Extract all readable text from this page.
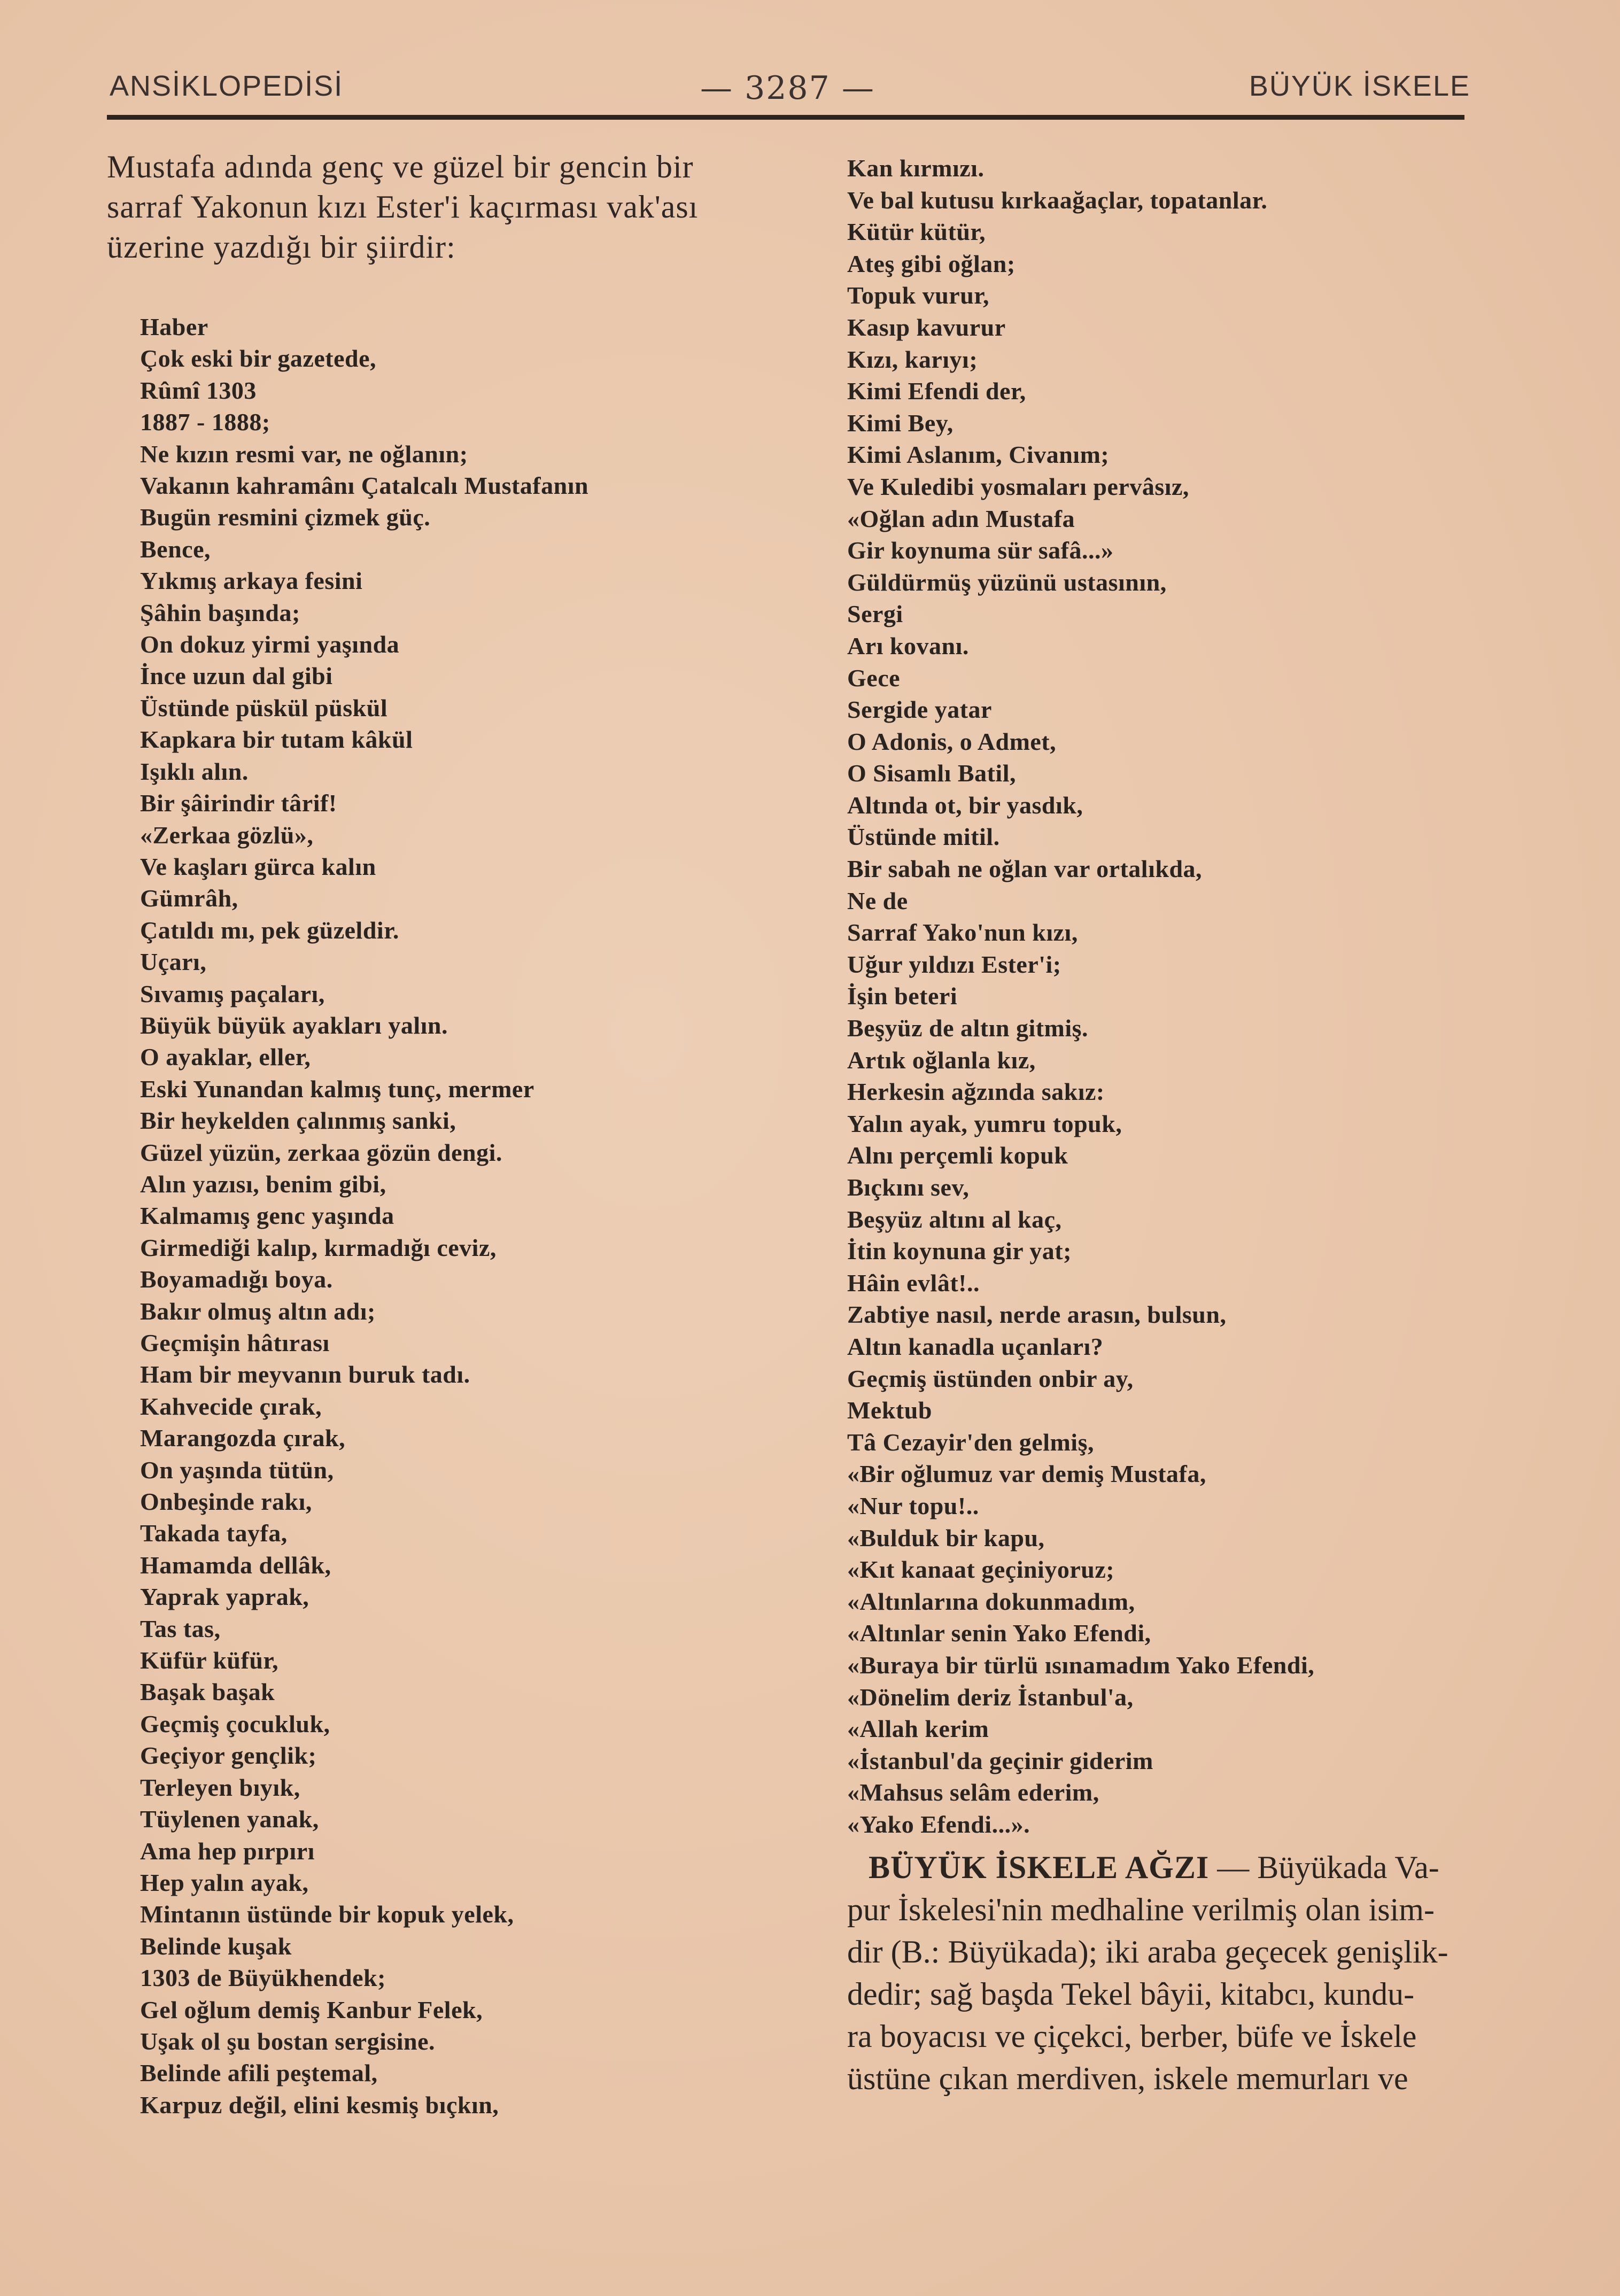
ANSİKLOPEDİSİ	— 3287 —	BÜYÜK İSKELE

Mustafa adında genç ve güzel bir gencin bir

sarraf Yakonun kızı Ester'i kaçırması vak'ası

üzerine yazdığı bir şiirdir:

Haber
Çok eski bir gazetede,
Rûmî 1303
1887 - 1888;
Ne kızın resmi var, ne oğlanın;
Vakanın kahramânı Çatalcalı Mustafanın
Bugün resmini çizmek güç.
Bence,
Yıkmış arkaya fesini
Şâhin başında;
On dokuz yirmi yaşında
İnce uzun dal gibi
Üstünde püskül püskül
Kapkara bir tutam kâkül
Işıklı alın.
Bir şâirindir târif!
«Zerkaa gözlü»,
Ve kaşları gürca kalın
Gümrâh,
Çatıldı mı, pek güzeldir.
Uçarı,
Sıvamış paçaları,
Büyük büyük ayakları yalın.
O ayaklar, eller,
Eski Yunandan kalmış tunç, mermer
Bir heykelden çalınmış sanki,
Güzel yüzün, zerkaa gözün dengi.
Alın yazısı, benim gibi,
Kalmamış genc yaşında
Girmediği kalıp, kırmadığı ceviz,
Boyamadığı boya.
Bakır olmuş altın adı;
Geçmişin hâtırası
Ham bir meyvanın buruk tadı.
Kahvecide çırak,
Marangozda çırak,
On yaşında tütün,
Onbeşinde rakı,
Takada tayfa,
Hamamda dellâk,
Yaprak yaprak,
Tas tas,
Küfür küfür,
Başak başak
Geçmiş çocukluk,
Geçiyor gençlik;
Terleyen bıyık,
Tüylenen yanak,
Ama hep pırpırı
Hep yalın ayak,
Mintanın üstünde bir kopuk yelek,
Belinde kuşak
1303 de Büyükhendek;
Gel oğlum demiş Kanbur Felek,
Uşak ol şu bostan sergisine.
Belinde afili peştemal,
Karpuz değil, elini kesmiş bıçkın,
Kan kırmızı.
Ve bal kutusu kırkaağaçlar, topatanlar.
Kütür kütür,
Ateş gibi oğlan;
Topuk vurur,
Kasıp kavurur
Kızı, karıyı;
Kimi Efendi der,
Kimi Bey,
Kimi Aslanım, Civanım;
Ve Kuledibi yosmaları pervâsız,
«Oğlan adın Mustafa
Gir koynuma sür safâ...»
Güldürmüş yüzünü ustasının,
Sergi
Arı kovanı.
Gece
Sergide yatar
O Adonis, o Admet,
O Sisamlı Batil,
Altında ot, bir yasdık,
Üstünde mitil.
Bir sabah ne oğlan var ortalıkda,
Ne de
Sarraf Yako'nun kızı,
Uğur yıldızı Ester'i;
İşin beteri
Beşyüz de altın gitmiş.
Artık oğlanla kız,
Herkesin ağzında sakız:
Yalın ayak, yumru topuk,
Alnı perçemli kopuk
Bıçkını sev,
Beşyüz altını al kaç,
İtin koynuna gir yat;
Hâin evlât!..
Zabtiye nasıl, nerde arasın, bulsun,
Altın kanadla uçanları?
Geçmiş üstünden onbir ay,
Mektub
Tâ Cezayir'den gelmiş,
«Bir oğlumuz var demiş Mustafa,
«Nur topu!..
«Bulduk bir kapu,
«Kıt kanaat geçiniyoruz;
«Altınlarına dokunmadım,
«Altınlar senin Yako Efendi,
«Buraya bir türlü ısınamadım Yako Efendi,
«Dönelim deriz İstanbul'a,
«Allah kerim
«İstanbul'da geçinir giderim
«Mahsus selâm ederim,
«Yako Efendi...».

BÜYÜK İSKELE AĞZI — Büyükada Va-

pur İskelesi'nin medhaline verilmiş olan isim-

dir (B.: Büyükada); iki araba geçecek genişlik-

dedir; sağ başda Tekel bâyii, kitabcı, kundu-

ra boyacısı ve çiçekci, berber, büfe ve İskele

üstüne çıkan merdiven, iskele memurları ve
